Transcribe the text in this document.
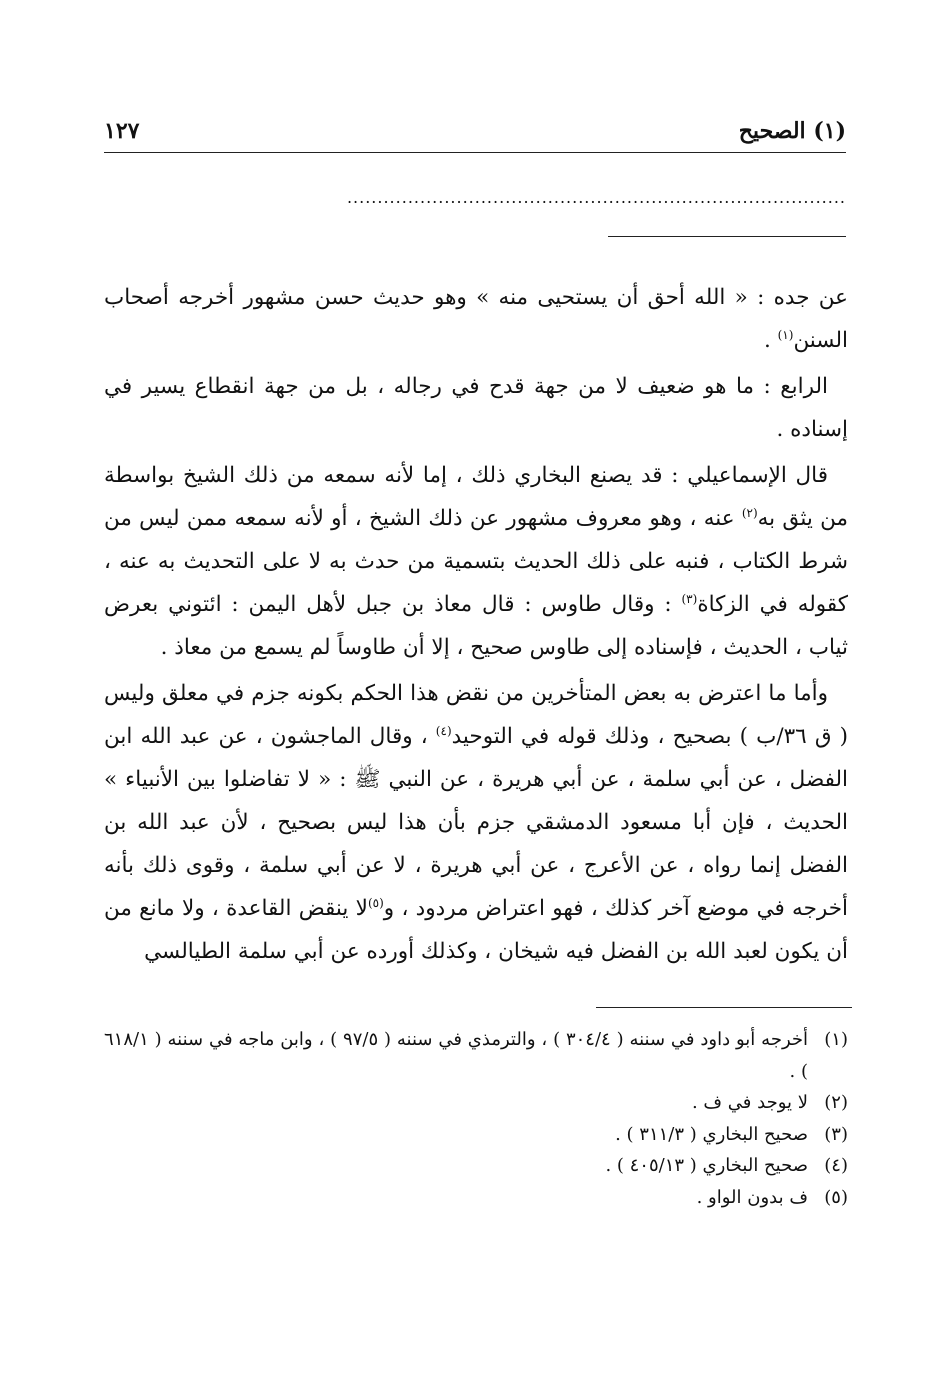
(١) الصحيح
١٢٧
..................................................................................

عن جده : « الله أحق أن يستحيى منه » وهو حديث حسن مشهور أخرجه أصحاب السنن$^{(١)}$ .

الرابع : ما هو ضعيف لا من جهة قدح في رجاله ، بل من جهة انقطاع يسير في إسناده .

قال الإسماعيلي : قد يصنع البخاري ذلك ، إما لأنه سمعه من ذلك الشيخ بواسطة من يثق به$^{(٢)}$ عنه ، وهو معروف مشهور عن ذلك الشيخ ، أو لأنه سمعه ممن ليس من شرط الكتاب ، فنبه على ذلك الحديث بتسمية من حدث به لا على التحديث به عنه ، كقوله في الزكاة$^{(٣)}$ : وقال طاوس : قال معاذ بن جبل لأهل اليمن : ائتوني بعرض ثياب ، الحديث ، فإسناده إلى طاوس صحيح ، إلا أن طاوساً لم يسمع من معاذ .

وأما ما اعترض به بعض المتأخرين من نقض هذا الحكم بكونه جزم في معلق وليس ( ق ٣٦/ب ) بصحيح ، وذلك قوله في التوحيد$^{(٤)}$ ، وقال الماجشون ، عن عبد الله ابن الفضل ، عن أبي سلمة ، عن أبي هريرة ، عن النبي ﷺ : « لا تفاضلوا بين الأنبياء » الحديث ، فإن أبا مسعود الدمشقي جزم بأن هذا ليس بصحيح ، لأن عبد الله بن الفضل إنما رواه ، عن الأعرج ، عن أبي هريرة ، لا عن أبي سلمة ، وقوى ذلك بأنه أخرجه في موضع آخر كذلك ، فهو اعتراض مردود ، و$^{(٥)}$لا ينقض القاعدة ، ولا مانع من أن يكون لعبد الله بن الفضل فيه شيخان ، وكذلك أورده عن أبي سلمة الطيالسي

(١)
أخرجه أبو داود في سننه ( ٣٠٤/٤ ) ، والترمذي في سننه ( ٩٧/٥ ) ، وابن ماجه في سننه ( ٦١٨/١ ) .
(٢)
لا يوجد في ف .
(٣)
صحيح البخاري ( ٣١١/٣ ) .
(٤)
صحيح البخاري ( ٤٠٥/١٣ ) .
(٥)
ف بدون الواو .
